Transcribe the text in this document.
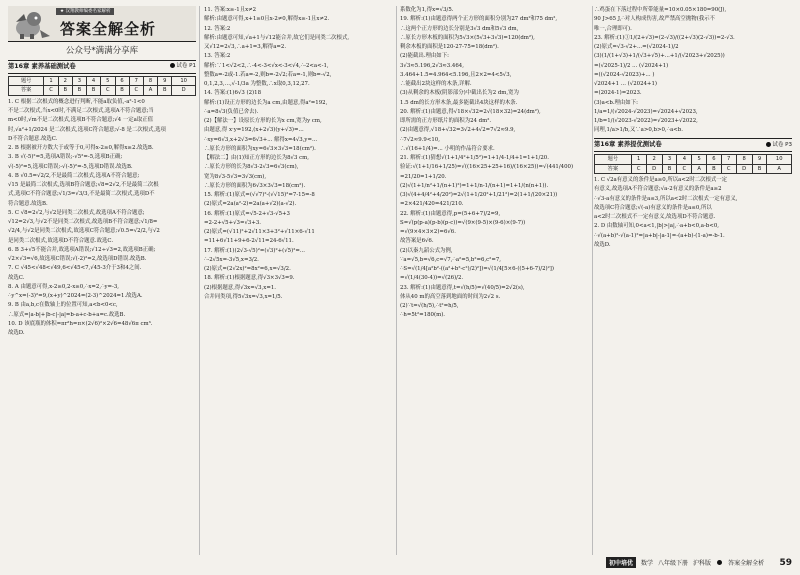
★ 汉翔教师编委名家解析
答案全解全析
公众号*满满分享库
第16章 素养基础测试卷	试卷 P1
题号	1	2	3	4	5	6	7	8	9	10
答案	C	B	B	B	C	B	C	A	B	D

1. C 根据二次根式的概念进行判断,不能a取负值,-a²-1<0

不是二次根式,当x<0时,不满足二次根式,选项A不符合题意;当

m<0时,√m不是二次根式,选项B不符合题意;√4 一定a取正值

时,√a²+1/2024 是二次根式,选项C符合题意;√-8 是二次根式,选项

D不符合题意.故选C.

2. B 根据被开方数大于或等于0,可得x-2≥0,解得x≥2.故选B.

3. B √(-5)²=5,选项A错误;-√5²=-5,选项B正确;

√(-5)²=5,选项C错误;-√(-5)²=-5,选项D错误.故选B.

4. B √0.5=√2/2,不是最简二次根式,选项A不符合题意;

√15 是最简二次根式,选项B符合题意;√8=2√2,不是最简二次根

式,选项C不符合题意;√1/3=√3/3,不是最简二次根式,选项D不

符合题意.故选B.

5. C √8=2√2,与√2是同类二次根式,故选项A不符合题意;

√12=2√3,与√2不是同类二次根式,故选项B不符合题意;√1/8=

√2/4,与√2是同类二次根式,故选项C符合题意;√0.5=√2/2,与√2

是同类二次根式,故选项D不符合题意.故选C.

6. B 3+√5不能合并,故选项A错误;√12÷√3=2,故选项B正确;

√2×√3=√6,故选项C错误;√(-2)²=2,故选项D错误.故选B.

7. C √45<√48<√49,6<√45<7,√45-3介于3和4之间.

故选C.

8. A 由题意可得,x-2≥0,2-x≥0,∴x=2,∴y=-3,

∴y^x=(-3)²=9,(x+y)^2024=(2-3)^2024=1.故选A.

9. B 由a,b,c在数轴上的位置可知,a<b<0<c,

∴原式=|a-b|+|b-c|-|a|=b-a+c-b+a=c.故选B.

10. D 该底瓶的体积=πr²h=π×(2√6)²×2√6=48√6π cm³.

故选D.

11. 答案:x≥-1且x≠2

解析:由题意可得,x+1≥0且x-2≠0,解得x≥-1且x≠2.

12. 答案:2

解析:由题意可知,√a+1与√12能合并,故它们是同类二次根式,

又√12=2√3,∴a+1=3,解得a=2.

13. 答案:2

解析:∵1<√2<2,∴-4<-3<√x<-3<√4,∴-2<a<-1,

整数a=-2或-1.若a=-2,则b=-2√2;若a=-1,则b=-√2,

0,1,2,3,…,√-1/3a 为整数,∴x取0,3,12,27.

14. 答案:(1)6√3 (2)18

解析:(1)设正方形的边长为a cm,由题意,得a²=192,

∴a=8√3(负值已舍去).

(2)【解法一】设原长方形的长为x cm,宽为y cm,

由题意,得 x·y=192,(x+2√3)(y+√3)=...

∴xy=6√3,x+2√3=6√3+... 解得x=4√3,y=...

∴原长方形的面积为xy=6√3×3√3=18(cm²).

【解法二】由(1)知正方形的边长为8√3 cm,

∴原长方形的长为8√3-2√3=6√3(cm),

宽为8√3-5√3=3√3(cm),

∴原长方形的面积为6√3×3√3=18(cm²).

15. 解析:(1)原式=(√√7)²-(√√15)²=7-15=-8

(2)原式=2a(a²-2)=2a(a+√2)(a-√2).

16. 解析:(1)原式=√5-2+√3-√5+3

=2-2+√5+√3=√3+3.

(2)原式=(√11)²+2√11×3+3²+√11×6-√11

=11+6√11+9+6-2√11=24-6√11.

17. 解析:(1)(2√3-√5)²=(√3)²+(√5)²=...

∴-2√5x=-3√5,x=3/2.

(2)原式=(2√2x)²=8x²=6,x=√3/2.

18. 解析:(1)根据题意,得√3×3√3=9.

(2)根据题意,得√3x=√3,x=1.

合并同类项,得5√3x=√3,x=1/5.

系数化为1,得x=√3/5.

19. 解析:(1)由题意得两个正方形的面积分别为27 dm²和75 dm²,

∴这两个正方形的边长分别是3√3 dm和5√3 dm,

∴原长方形木板的面积为5√3×(5√3+3√3)=120(dm²),

剩余木板的面积是120-27-75=18(dm²).

(2)能截出.理由如下:

3√3≈5.196,2√3≈3.464,

3.464+1.5=4.964<5.196,且2×2=4<5√3,

∴能截出2块这样的木条,详解.

(3)从剩余的木板(阴影部分)中截出长为2 dm,宽为

1.5 dm的长方形木条,最多能截出4块这样的木条.

20. 解析:(1)由题意,得√18×√32=2√(18×32)=24(dm²),

即所需的正方形纸片的面积为24 dm².

(2)由题意得,√18+√32=3√2+4√2=7√2≈9.9,

∴7√2≈9.9<10,

∴√(16+1/4)=... 小明的作品符合要求.

21. 解析:(1)猜想√(1+1/4²+1/5²)=1+1/4-1/4+1=1+1/20.

验证:√(1+1/16+1/25)=√((16×25+25+16)/(16×25))=√(441/400)

=21/20=1+1/20.

(2)√(1+1/n²+1/(n+1)²)=1+1/n-1/(n+1)=1+1/(n(n+1)).

(3)√(4+4/4²+4/20²)=2√(1+1/20²+1/21²)=2(1+1/(20×21))

=2×421/420=421/210.

22. 解析:(1)由题意得,p=(5+6+7)/2=9,

S=√(p(p-a)(p-b)(p-c))=√(9×(9-5)×(9-6)×(9-7))

=√(9×4×3×2)=6√6.

故答案是6√6.

(2)以秦九韶公式为例,

∵a=√5,b=√6,c=√7,∴a²=5,b²=6,c²=7,

∴S=√(1/4[a²b²-((a²+b²-c²)/2)²])=√(1/4[5×6-((5+6-7)/2)²])

=√(1/4(30-4))=√(26)/2.

23. 解析:(1)由题意得,t=√(h/5)=√(40/5)=2√2(s),

体从40 m的高空落到地面的时间为2√2 s.

(2)∵t=√(h/5),∴t²=h/5,

∴h=5t²=180(m).

∴鸡蛋在下落过程中所带能量=10×0.05×180=90(J),

90 J>65 J,∴对人构成伤害,故严禁高空抛物(我示不

唯一,合理即可).

23. 解析:(1)①1/(2+√3)=(2-√3)/((2+√3)(2-√3))=2-√3.

(2)原式=√3-√2+...=(√2024-1)/2

(3)(1/(1+√3)+1/(√3+√5)+...+1/(√2023+√2025))

=(√2025-1)/2 ... (√2024+1)

=((√2024-√2023)+... )

√2024+1 ... (√2024+1)

=(2024-1)=2023.

(3)a<b.理由如下:

1/a=1/(√2024-√2023)=√2024+√2023,

1/b=1/(√2023-√2022)=√2023+√2022,

同理,1/a>1/b,又∵a>0,b>0,∴a<b.

第16章 素养提优测试卷	试卷 P3
题号	1	2	3	4	5	6	7	8	9	10
答案	C	D	B	C	A	B	C	D	B	A

1. C √2a有意义的条件是a≥0,所以a<2时二次根式一定

有意义,故选项A不符合题意;√a-2有意义的条件是a≥2

∴√3-a有意义的条件是a≤3,所以a<2时二次根式一定有意义,

故选项C符合题意;√(-a)有意义的条件是a≤0,所以

a<2时二次根式不一定有意义,故选项D不符合题意.

2. D 由数轴可知,0<a<1,|b|>|a|,∴a+b<0,a-b<0,

∴√(a+b)²-√(a-1)²=|a+b|-|a-1|=-(a+b)-(1-a)=-b-1.

故选D.

初中培优	数学 八年级下册 沪科版	答案全解全析 59
